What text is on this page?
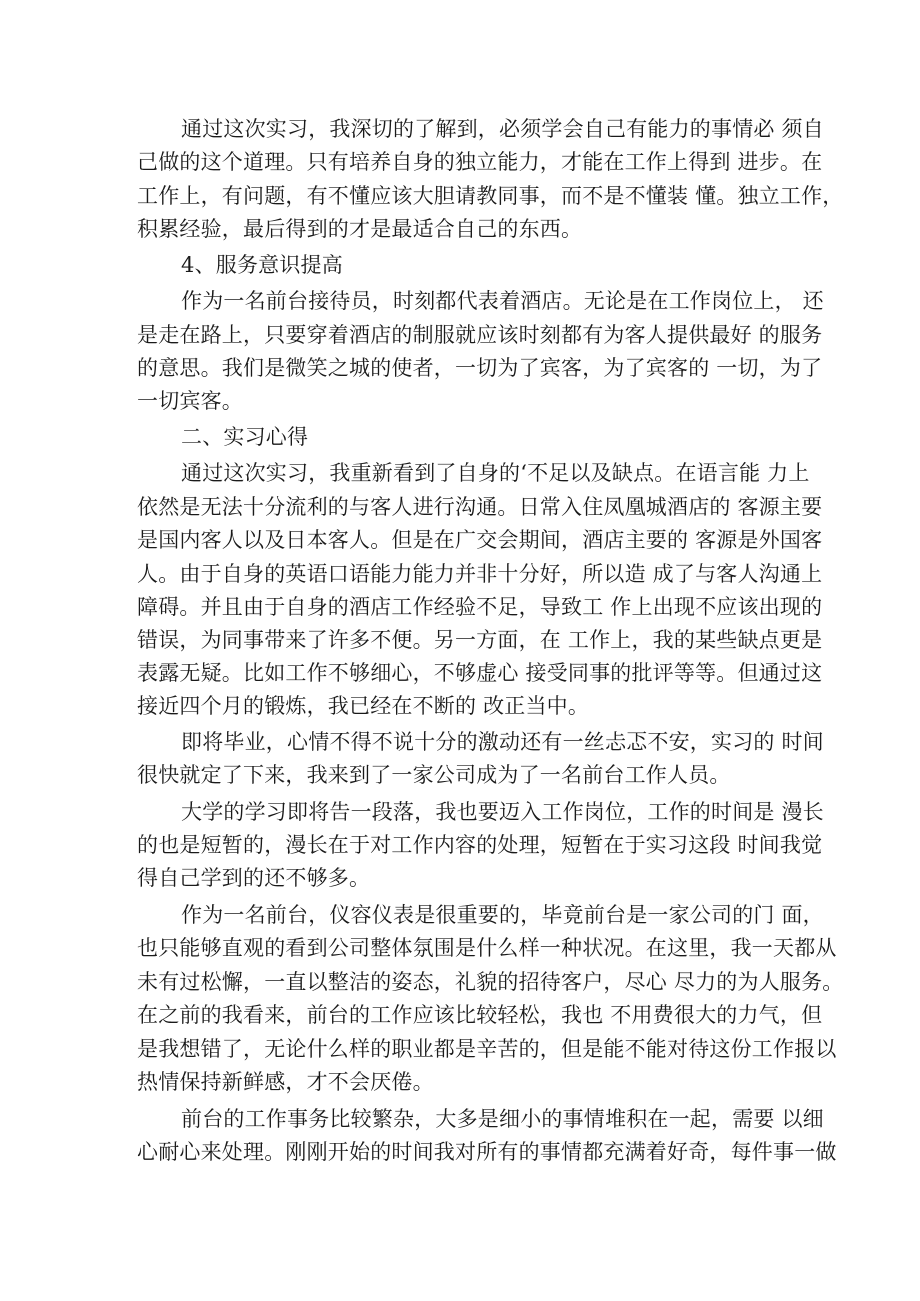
通过这次实习，我深切的了解到，必须学会自己有能力的事情必 须自
己做的这个道理。只有培养自身的独立能力，才能在工作上得到 进步。在
工作上，有问题，有不懂应该大胆请教同事，而不是不懂装 懂。独立工作，
积累经验，最后得到的才是最适合自己的东西。
4、服务意识提高
作为一名前台接待员，时刻都代表着酒店。无论是在工作岗位上， 还
是走在路上，只要穿着酒店的制服就应该时刻都有为客人提供最好 的服务
的意思。我们是微笑之城的使者，一切为了宾客，为了宾客的 一切，为了
一切宾客。
二、实习心得
通过这次实习，我重新看到了自身的‘不足以及缺点。在语言能 力上
依然是无法十分流利的与客人进行沟通。日常入住凤凰城酒店的 客源主要
是国内客人以及日本客人。但是在广交会期间，酒店主要的 客源是外国客
人。由于自身的英语口语能力能力并非十分好，所以造 成了与客人沟通上
障碍。并且由于自身的酒店工作经验不足，导致工 作上出现不应该出现的
错误，为同事带来了许多不便。另一方面，在 工作上，我的某些缺点更是
表露无疑。比如工作不够细心，不够虚心 接受同事的批评等等。但通过这
接近四个月的锻炼，我已经在不断的 改正当中。
即将毕业，心情不得不说十分的激动还有一丝忐忑不安，实习的 时间
很快就定了下来，我来到了一家公司成为了一名前台工作人员。
大学的学习即将告一段落，我也要迈入工作岗位，工作的时间是 漫长
的也是短暂的，漫长在于对工作内容的处理，短暂在于实习这段 时间我觉
得自己学到的还不够多。
作为一名前台，仪容仪表是很重要的，毕竟前台是一家公司的门 面，
也只能够直观的看到公司整体氛围是什么样一种状况。在这里，我一天都从
未有过松懈，一直以整洁的姿态，礼貌的招待客户，尽心 尽力的为人服务。
在之前的我看来，前台的工作应该比较轻松，我也 不用费很大的力气，但
是我想错了，无论什么样的职业都是辛苦的，但是能不能对待这份工作报以
热情保持新鲜感，才不会厌倦。
前台的工作事务比较繁杂，大多是细小的事情堆积在一起，需要 以细
心耐心来处理。刚刚开始的时间我对所有的事情都充满着好奇，每件事一做
